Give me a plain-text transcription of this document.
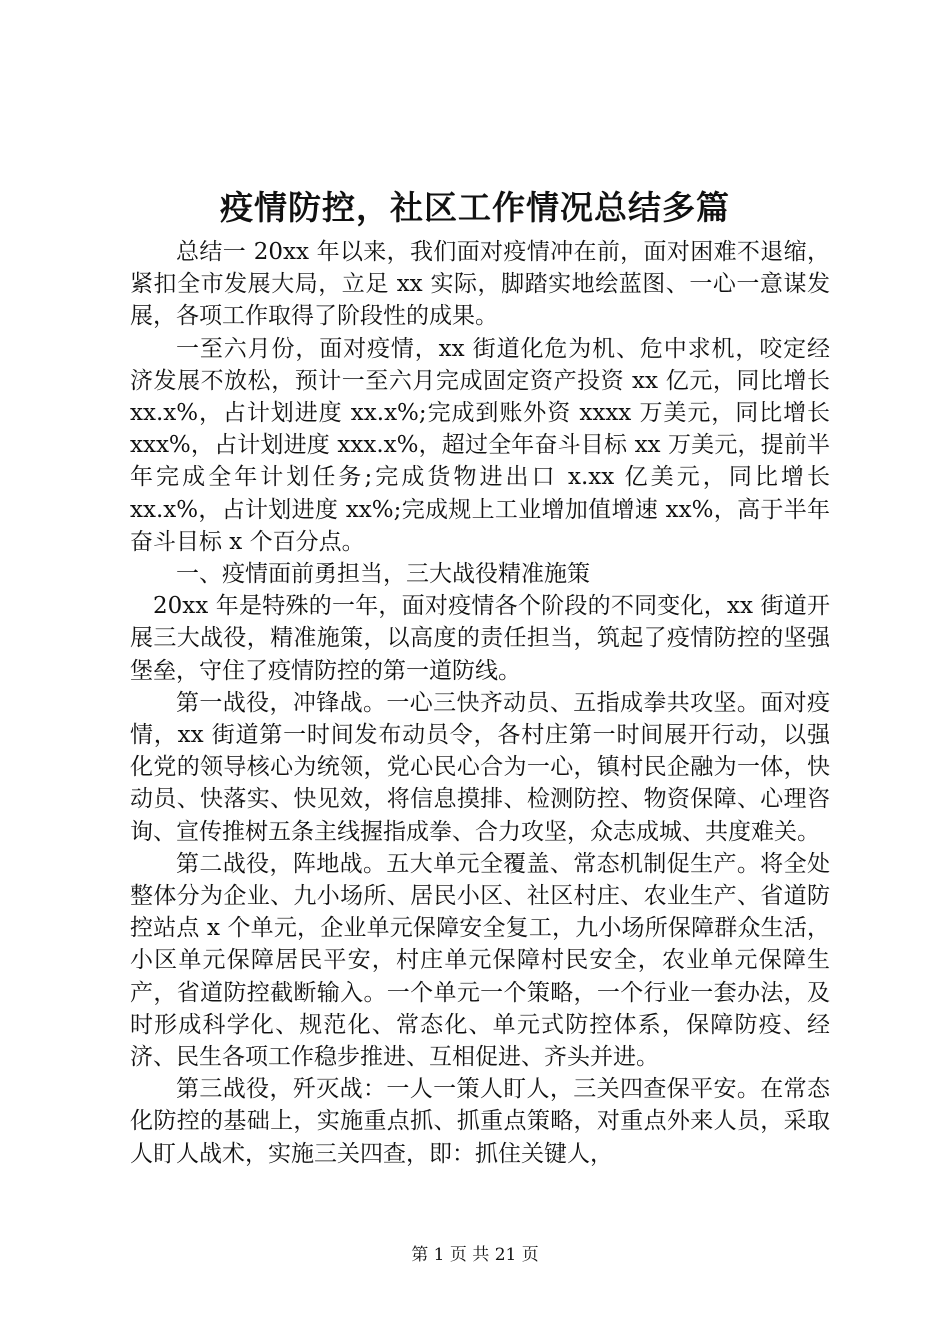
疫情防控，社区工作情况总结多篇

总结一 20xx 年以来，我们面对疫情冲在前，面对困难不退缩，紧扣全市发展大局，立足 xx 实际，脚踏实地绘蓝图、一心一意谋发展，各项工作取得了阶段性的成果。

一至六月份，面对疫情，xx 街道化危为机、危中求机，咬定经济发展不放松，预计一至六月完成固定资产投资 xx 亿元，同比增长 xx.x%，占计划进度 xx.x%;完成到账外资 xxxx 万美元，同比增长 xxx%，占计划进度 xxx.x%，超过全年奋斗目标 xx 万美元，提前半年完成全年计划任务;完成货物进出口 x.xx 亿美元，同比增长 xx.x%，占计划进度 xx%;完成规上工业增加值增速 xx%，高于半年奋斗目标 x 个百分点。

一、疫情面前勇担当，三大战役精准施策

20xx 年是特殊的一年，面对疫情各个阶段的不同变化，xx 街道开展三大战役，精准施策，以高度的责任担当，筑起了疫情防控的坚强堡垒，守住了疫情防控的第一道防线。

第一战役，冲锋战。一心三快齐动员、五指成拳共攻坚。面对疫情，xx 街道第一时间发布动员令，各村庄第一时间展开行动，以强化党的领导核心为统领，党心民心合为一心，镇村民企融为一体，快动员、快落实、快见效，将信息摸排、检测防控、物资保障、心理咨询、宣传推树五条主线握指成拳、合力攻坚，众志成城、共度难关。

第二战役，阵地战。五大单元全覆盖、常态机制促生产。将全处整体分为企业、九小场所、居民小区、社区村庄、农业生产、省道防控站点 x 个单元，企业单元保障安全复工，九小场所保障群众生活，小区单元保障居民平安，村庄单元保障村民安全，农业单元保障生产，省道防控截断输入。一个单元一个策略，一个行业一套办法，及时形成科学化、规范化、常态化、单元式防控体系，保障防疫、经济、民生各项工作稳步推进、互相促进、齐头并进。

第三战役，歼灭战：一人一策人盯人，三关四查保平安。在常态化防控的基础上，实施重点抓、抓重点策略，对重点外来人员，采取人盯人战术，实施三关四查，即：抓住关键人，

第 1 页 共 21 页
